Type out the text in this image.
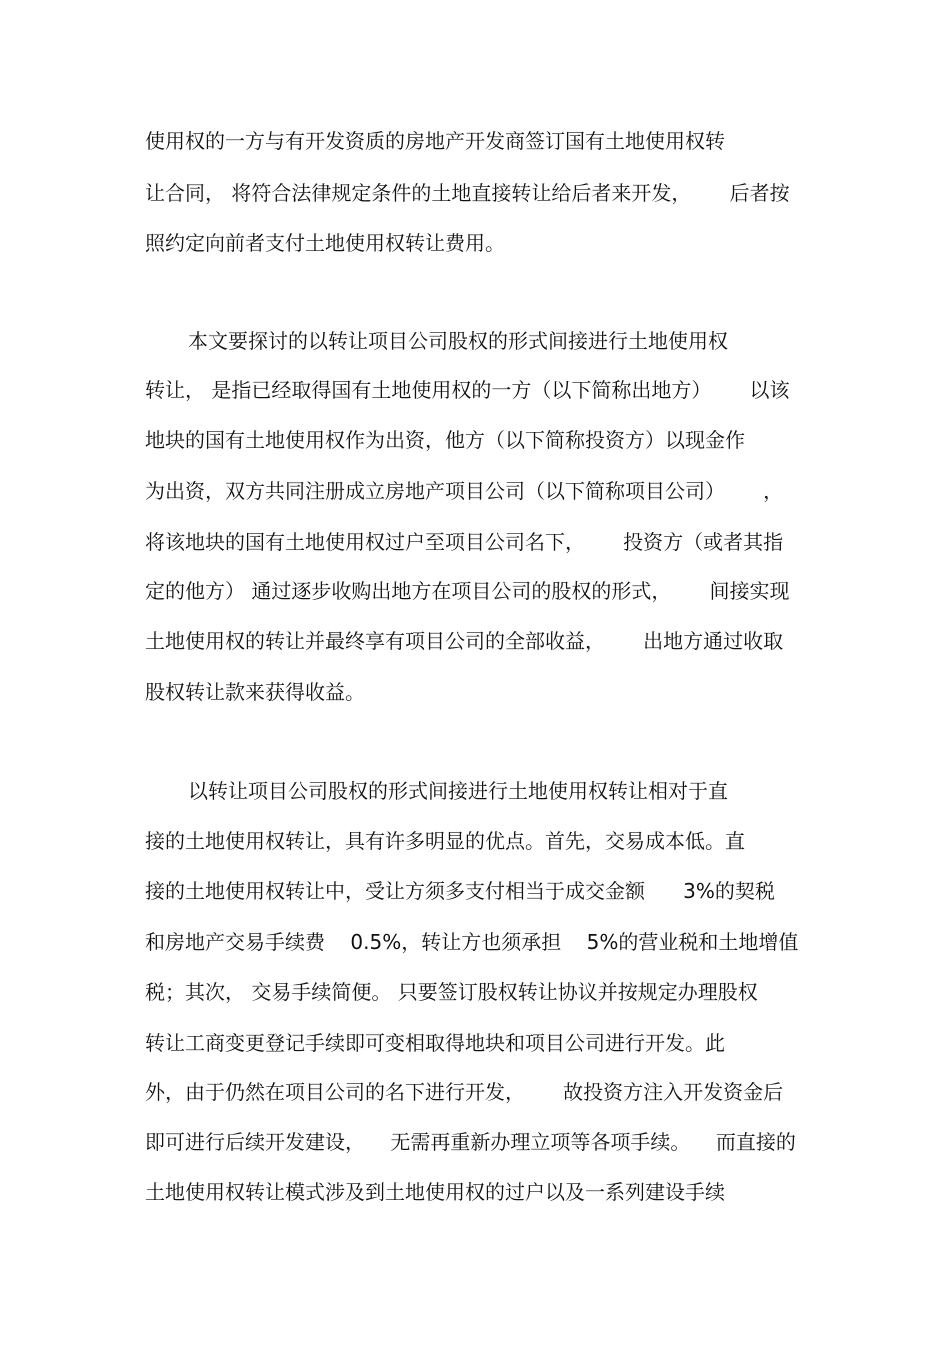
使用权的一方与有开发资质的房地产开发商签订国有土地使用权转
让合同， 将符合法律规定条件的土地直接转让给后者来开发，      后者按
照约定向前者支付土地使用权转让费用。
本文要探讨的以转让项目公司股权的形式间接进行土地使用权
转让， 是指已经取得国有土地使用权的一方（以下简称出地方）      以该
地块的国有土地使用权作为出资，他方（以下简称投资方）以现金作
为出资，双方共同注册成立房地产项目公司（以下简称项目公司）      ，
将该地块的国有土地使用权过户至项目公司名下，      投资方（或者其指
定的他方） 通过逐步收购出地方在项目公司的股权的形式，      间接实现
土地使用权的转让并最终享有项目公司的全部收益，      出地方通过收取
股权转让款来获得收益。
以转让项目公司股权的形式间接进行土地使用权转让相对于直
接的土地使用权转让，具有许多明显的优点。首先，交易成本低。直
接的土地使用权转让中，受让方须多支付相当于成交金额      3%的契税
和房地产交易手续费    0.5%，转让方也须承担    5%的营业税和土地增值
税；其次， 交易手续简便。 只要签订股权转让协议并按规定办理股权
转让工商变更登记手续即可变相取得地块和项目公司进行开发。此
外，由于仍然在项目公司的名下进行开发，      故投资方注入开发资金后
即可进行后续开发建设，    无需再重新办理立项等各项手续。    而直接的
土地使用权转让模式涉及到土地使用权的过户以及一系列建设手续
